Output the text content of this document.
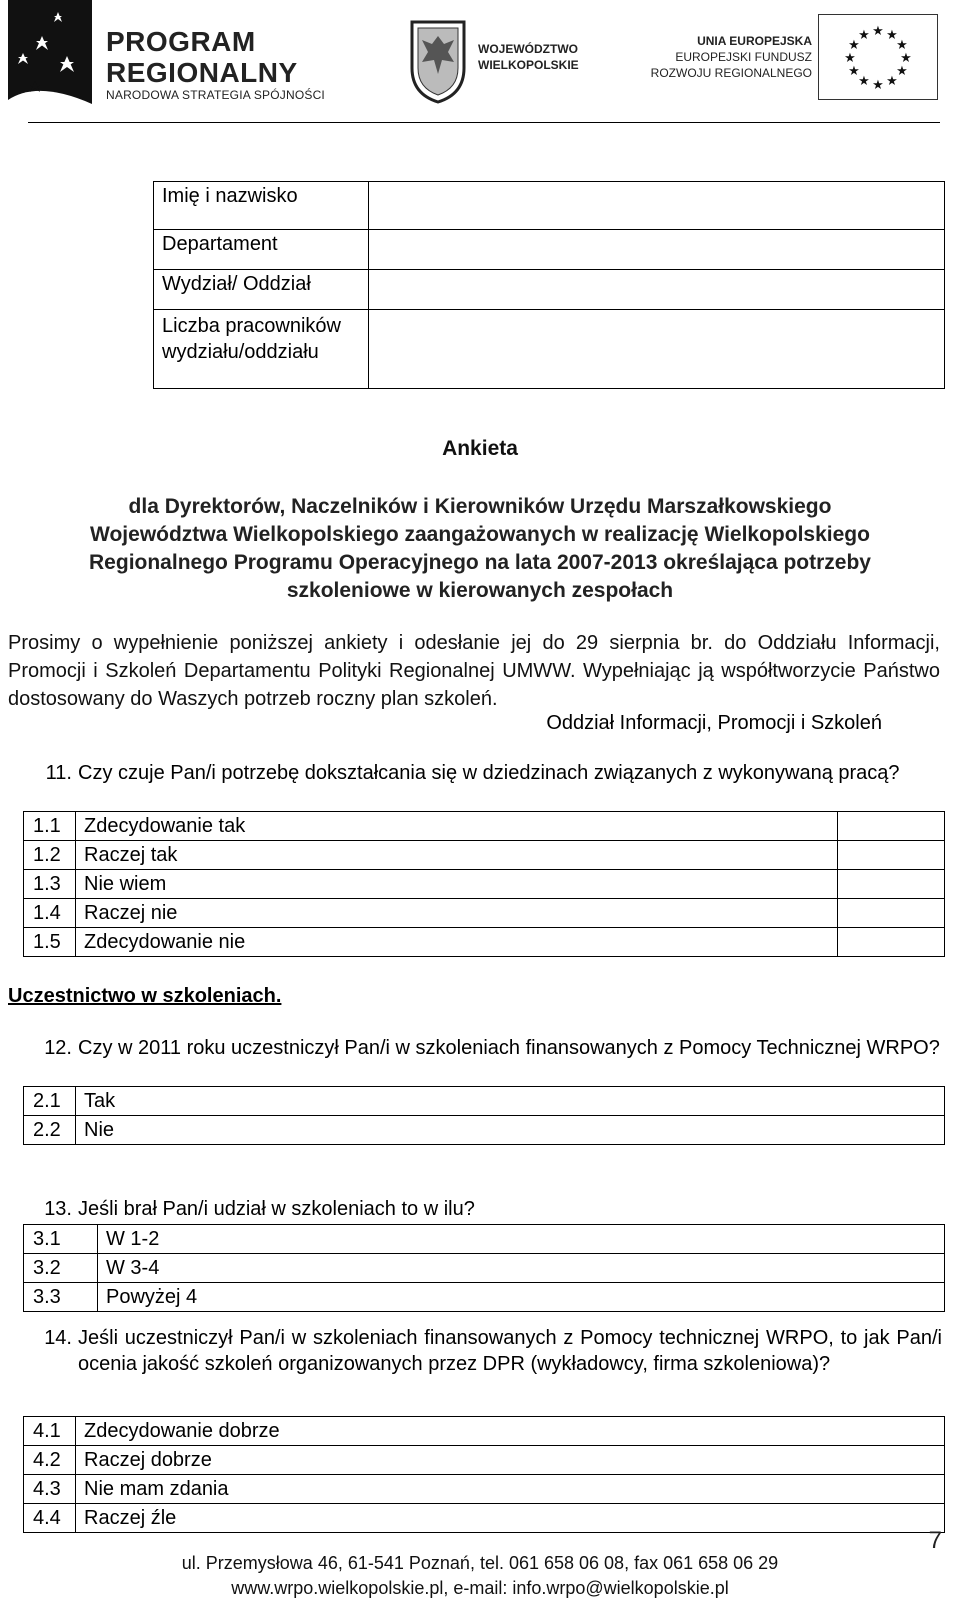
PROGRAM
REGIONALNY
NARODOWA STRATEGIA SPÓJNOŚCI
WOJEWÓDZTWO
WIELKOPOLSKIE
UNIA EUROPEJSKA
EUROPEJSKI FUNDUSZ
ROZWOJU REGIONALNEGO
★ ★
★
★
★
★
★
★
★
★
★
★
Imię i nazwisko	
Departament	
Wydział/ Oddział	
Liczba pracowników wydziału/oddziału	
Ankieta
dla Dyrektorów, Naczelników i Kierowników Urzędu Marszałkowskiego
Województwa Wielkopolskiego zaangażowanych w realizację Wielkopolskiego
Regionalnego Programu Operacyjnego na lata 2007-2013 określająca potrzeby
szkoleniowe w kierowanych zespołach
Prosimy o wypełnienie poniższej ankiety i odesłanie jej do 29 sierpnia br. do Oddziału Informacji, Promocji i Szkoleń Departamentu Polityki Regionalnej UMWW. Wypełniając ją współtworzycie Państwo dostosowany do Waszych potrzeb roczny plan szkoleń.
Oddział Informacji, Promocji i Szkoleń
11. Czy czuje Pan/i potrzebę dokształcania się w dziedzinach związanych z wykonywaną pracą?
1.1	Zdecydowanie tak	
1.2	Raczej tak	
1.3	Nie wiem	
1.4	Raczej nie	
1.5	Zdecydowanie nie	
Uczestnictwo w szkoleniach.
12. Czy w 2011 roku uczestniczył Pan/i w szkoleniach finansowanych z Pomocy Technicznej WRPO?
2.1	Tak
2.2	Nie
13. Jeśli brał Pan/i udział w szkoleniach to w ilu?
3.1	W 1-2
3.2	W 3-4
3.3	Powyżej 4
14. Jeśli uczestniczył Pan/i w szkoleniach finansowanych z Pomocy technicznej WRPO, to jak Pan/i ocenia jakość szkoleń organizowanych przez DPR (wykładowcy, firma szkoleniowa)?
4.1	Zdecydowanie dobrze
4.2	Raczej dobrze
4.3	Nie mam zdania
4.4	Raczej źle
ul. Przemysłowa 46, 61-541 Poznań, tel. 061 658 06 08, fax 061 658 06 29
www.wrpo.wielkopolskie.pl, e-mail: info.wrpo@wielkopolskie.pl
7
